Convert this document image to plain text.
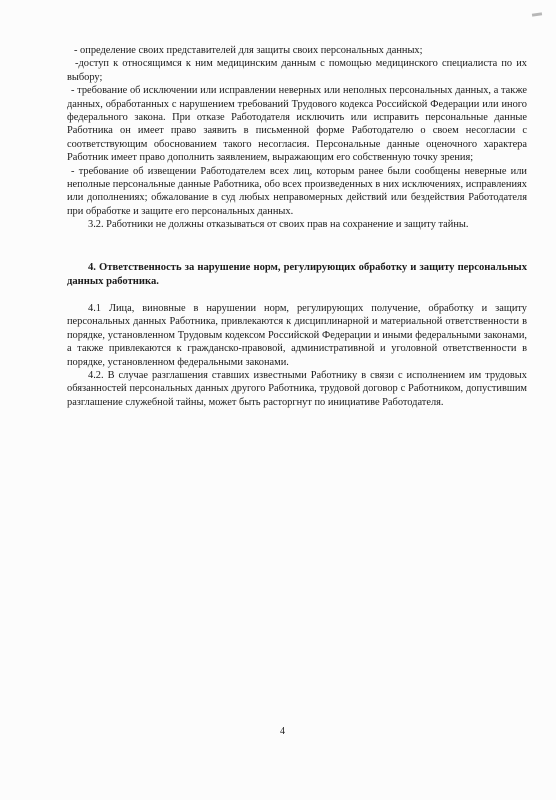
- определение своих представителей для защиты своих персональных данных;

-доступ к относящимся к ним медицинским данным с помощью медицинского специалиста по их выбору;

- требование об исключении или исправлении неверных или неполных персональных данных, а также данных, обработанных с нарушением требований Трудового кодекса Российской Федерации или иного федерального закона. При отказе Работодателя исключить или исправить персональные данные Работника он имеет право заявить в письменной форме Работодателю о своем несогласии с соответствующим обоснованием такого несогласия. Персональные данные оценочного характера Работник имеет право дополнить заявлением, выражающим его собственную точку зрения;

- требование об извещении Работодателем всех лиц, которым ранее были сообщены неверные или неполные персональные данные Работника, обо всех произведенных в них исключениях, исправлениях или дополнениях; обжалование в суд любых неправомерных действий или бездействия Работодателя при обработке и защите его персональных данных.

3.2. Работники не должны отказываться от своих прав на сохранение и защиту тайны.

4. Ответственность за нарушение норм, регулирующих обработку и защиту персональных данных работника.

4.1 Лица, виновные в нарушении норм, регулирующих получение, обработку и защиту персональных данных Работника, привлекаются к дисциплинарной и материальной ответственности в порядке, установленном Трудовым кодексом Российской Федерации и иными федеральными законами, а также привлекаются к гражданско-правовой, административной и уголовной ответственности в порядке, установленном федеральными законами.

4.2. В случае разглашения ставших известными Работнику в связи с исполнением им трудовых обязанностей персональных данных другого Работника, трудовой договор с Работником, допустившим разглашение служебной тайны, может быть расторгнут по инициативе Работодателя.

4
